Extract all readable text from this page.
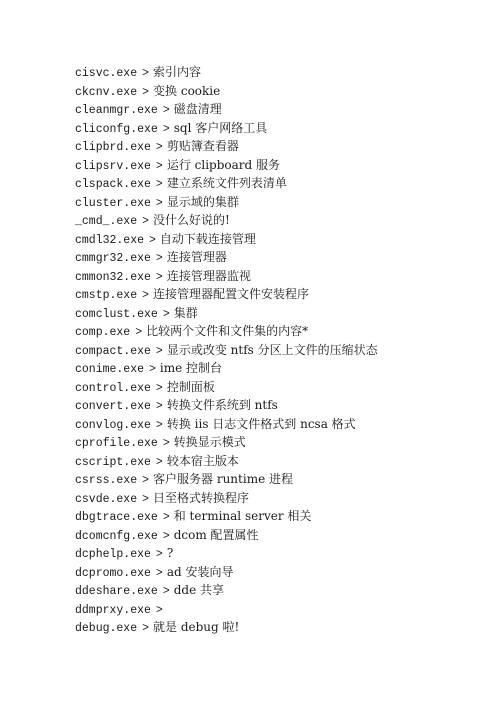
cisvc.exe > 索引内容
ckcnv.exe > 变换 cookie
cleanmgr.exe > 磁盘清理
cliconfg.exe > sql 客户网络工具
clipbrd.exe > 剪贴簿查看器
clipsrv.exe > 运行 clipboard 服务
clspack.exe > 建立系统文件列表清单
cluster.exe > 显示域的集群
_cmd_.exe > 没什么好说的!
cmdl32.exe > 自动下载连接管理
cmmgr32.exe > 连接管理器
cmmon32.exe > 连接管理器监视
cmstp.exe > 连接管理器配置文件安装程序
comclust.exe > 集群
comp.exe > 比较两个文件和文件集的内容*
compact.exe > 显示或改变 ntfs 分区上文件的压缩状态
conime.exe > ime 控制台
control.exe > 控制面板
convert.exe > 转换文件系统到 ntfs
convlog.exe > 转换 iis 日志文件格式到 ncsa 格式
cprofile.exe > 转换显示模式
cscript.exe > 较本宿主版本
csrss.exe > 客户服务器 runtime 进程
csvde.exe > 日至格式转换程序
dbgtrace.exe > 和 terminal server 相关
dcomcnfg.exe > dcom 配置属性
dcphelp.exe > ?
dcpromo.exe > ad 安装向导
ddeshare.exe > dde 共享
ddmprxy.exe >
debug.exe > 就是 debug 啦!
